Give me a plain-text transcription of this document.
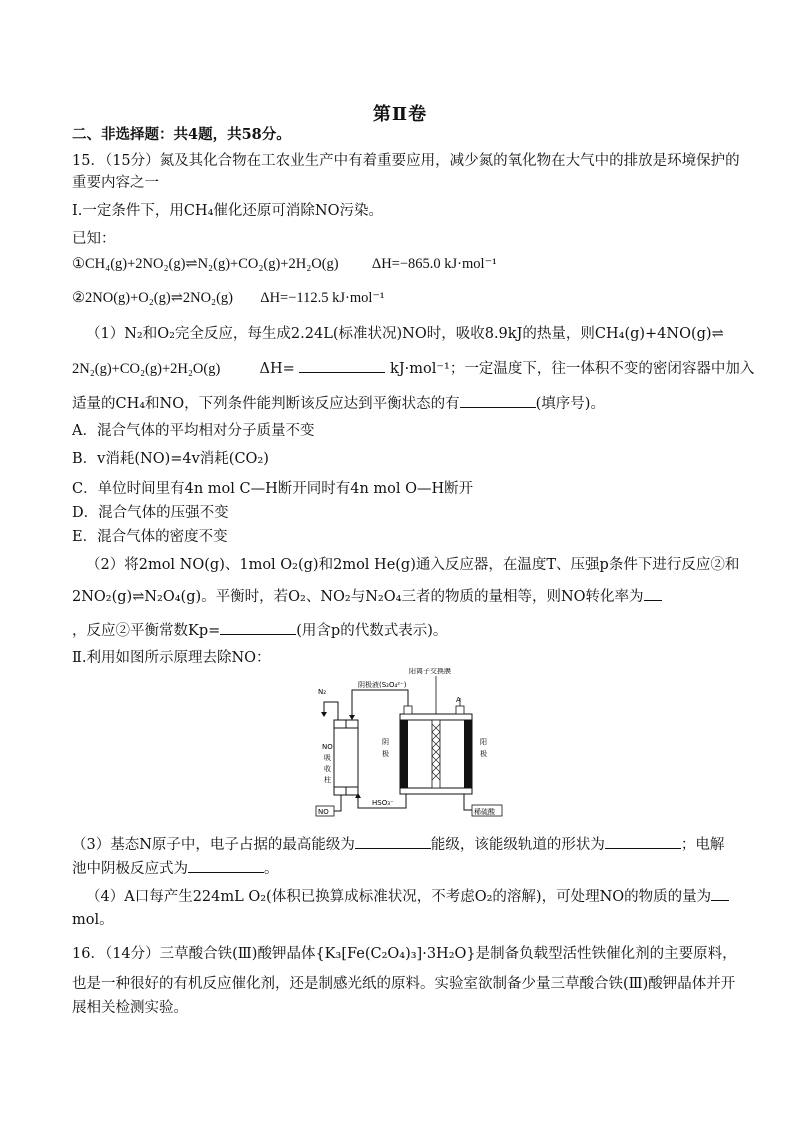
第Ⅱ卷
二、非选择题：共4题，共58分。
15．（15分）氮及其化合物在工农业生产中有着重要应用，减少氮的氧化物在大气中的排放是环境保护的
重要内容之一
Ⅰ.一定条件下，用CH₄催化还原可消除NO污染。
已知：
①CH₄(g)+2NO₂(g)⇌N₂(g)+CO₂(g)+2H₂O(g) ΔH=−865.0 kJ·mol⁻¹
②2NO(g)+O₂(g)⇌2NO₂(g) ΔH=−112.5 kJ·mol⁻¹
（1）N₂和O₂完全反应，每生成2.24L(标准状况)NO时，吸收8.9kJ的热量，则CH₄(g)+4NO(g)⇌
2N₂(g)+CO₂(g)+2H₂O(g)	ΔH=	kJ·mol⁻¹；一定温度下，往一体积不变的密闭容器中加入
适量的CH₄和NO，下列条件能判断该反应达到平衡状态的有	(填序号)。
A．混合气体的平均相对分子质量不变
B．v消耗(NO)=4v消耗(CO₂)
C．单位时间里有4n mol C—H断开同时有4n mol O—H断开
D．混合气体的压强不变
E．混合气体的密度不变
（2）将2mol NO(g)、1mol O₂(g)和2mol He(g)通入反应器，在温度T、压强p条件下进行反应②和
2NO₂(g)⇌N₂O₄(g)。平衡时，若O₂、NO₂与N₂O₄三者的物质的量相等，则NO转化率为
，反应②平衡常数Kp=	(用含p的代数式表示)。
Ⅱ.利用如图所示原理去除NO：
N₂
NO
吸
收
柱
NO
阴极液(S₂O₄²⁻)
阳离子交换膜
A
阴
极
阳
极
HSO₃⁻
稀硫酸
（3）基态N原子中，电子占据的最高能级为	能级，该能级轨道的形状为	；电解
池中阴极反应式为	。
（4）A口每产生224mL O₂(体积已换算成标准状况，不考虑O₂的溶解)，可处理NO的物质的量为
mol。
16．（14分）三草酸合铁(Ⅲ)酸钾晶体{K₃[Fe(C₂O₄)₃]·3H₂O}是制备负载型活性铁催化剂的主要原料，
也是一种很好的有机反应催化剂，还是制感光纸的原料。实验室欲制备少量三草酸合铁(Ⅲ)酸钾晶体并开
展相关检测实验。
